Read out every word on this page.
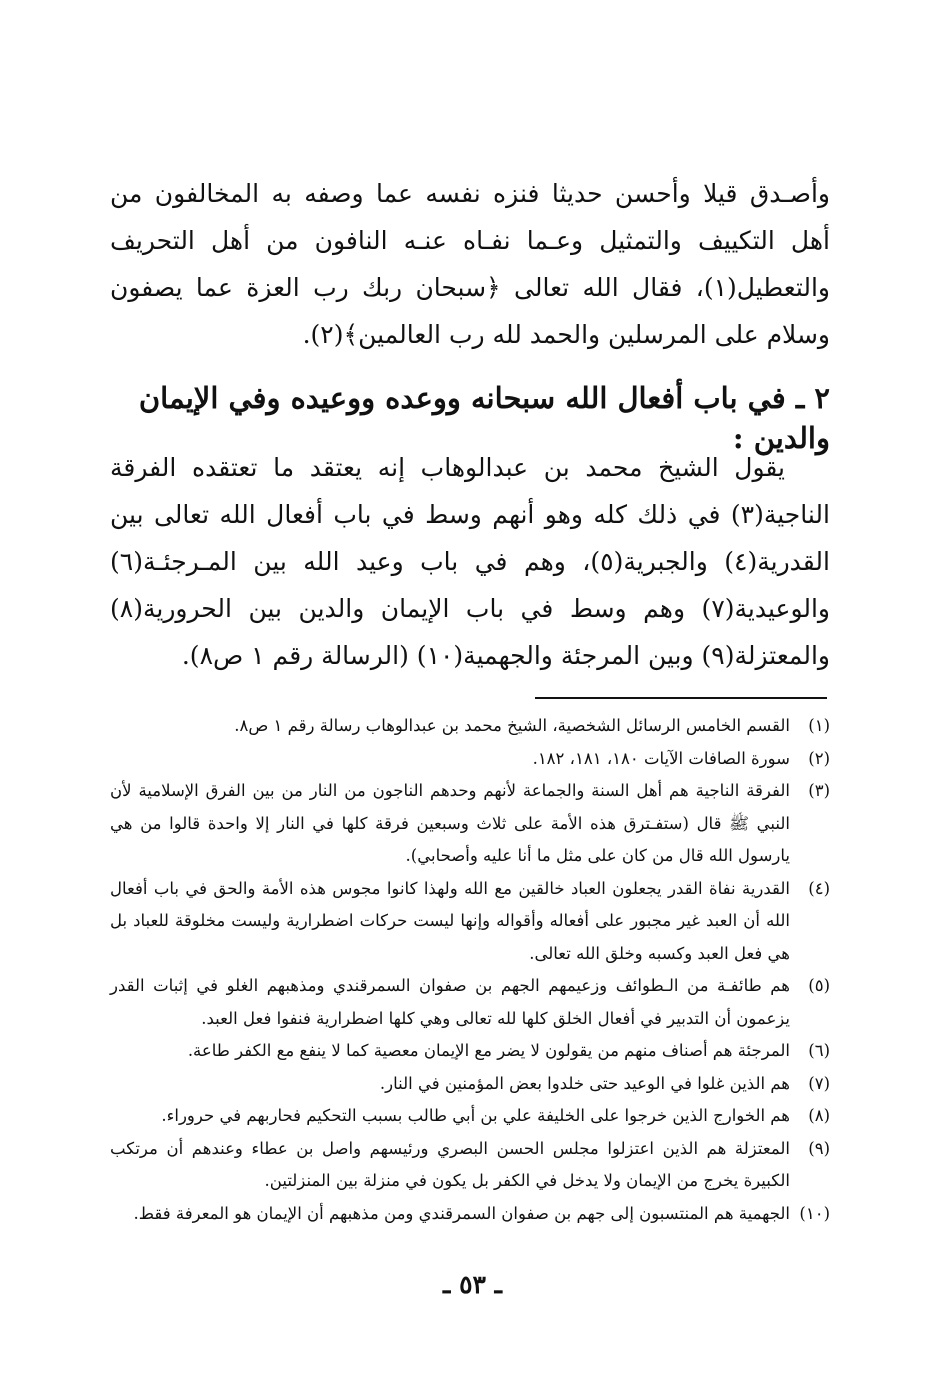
وأصـدق قيلا وأحسن حديثا فنزه نفسه عما وصفه به المخالفون من أهل التكييف والتمثيل وعـما نفـاه عنـه النافون من أهل التحريف والتعطيل(١)، فقال الله تعالى ﴿سبحان ربك رب العزة عما يصفون وسلام على المرسلين والحمد لله رب العالمين﴾(٢).

٢ ـ في باب أفعال الله سبحانه ووعده ووعيده وفي الإيمان والدين :

يقول الشيخ محمد بن عبدالوهاب إنه يعتقد ما تعتقده الفرقة الناجية(٣) في ذلك كله وهو أنهم وسط في باب أفعال الله تعالى بين القدرية(٤) والجبرية(٥)، وهم في باب وعيد الله بين المـرجئـة(٦) والوعيدية(٧) وهم وسط في باب الإيمان والدين بين الحرورية(٨) والمعتزلة(٩) وبين المرجئة والجهمية(١٠) (الرسالة رقم ١ ص٨).

(١)
القسم الخامس الرسائل الشخصية، الشيخ محمد بن عبدالوهاب رسالة رقم ١ ص٨.
(٢)
سورة الصافات الآيات ١٨٠، ١٨١، ١٨٢.
(٣)
الفرقة الناجية هم أهل السنة والجماعة لأنهم وحدهم الناجون من النار من بين الفرق الإسلامية لأن النبي ﷺ قال (ستفـترق هذه الأمة على ثلاث وسبعين فرقة كلها في النار إلا واحدة قالوا من هي يارسول الله قال من كان على مثل ما أنا عليه وأصحابي).
(٤)
القدرية نفاة القدر يجعلون العباد خالقين مع الله ولهذا كانوا مجوس هذه الأمة والحق في باب أفعال الله أن العبد غير مجبور على أفعاله وأقواله وإنها ليست حركات اضطرارية وليست مخلوقة للعباد بل هي فعل العبد وكسبه وخلق الله تعالى.
(٥)
هم طائفـة من الـطوائف وزعيمهم الجهم بن صفوان السمرقندي ومذهبهم الغلو في إثبات القدر يزعمون أن التدبير في أفعال الخلق كلها لله تعالى وهي كلها اضطرارية فنفوا فعل العبد.
(٦)
المرجئة هم أصناف منهم من يقولون لا يضر مع الإيمان معصية كما لا ينفع مع الكفر طاعة.
(٧)
هم الذين غلوا في الوعيد حتى خلدوا بعض المؤمنين في النار.
(٨)
هم الخوارج الذين خرجوا على الخليفة علي بن أبي طالب بسبب التحكيم فحاربهم في حروراء.
(٩)
المعتزلة هم الذين اعتزلوا مجلس الحسن البصري ورئيسهم واصل بن عطاء وعندهم أن مرتكب الكبيرة يخرج من الإيمان ولا يدخل في الكفر بل يكون في منزلة بين المنزلتين.
(١٠)
الجهمية هم المنتسبون إلى جهم بن صفوان السمرقندي ومن مذهبهم أن الإيمان هو المعرفة فقط.
ـ ٥٣ ـ
